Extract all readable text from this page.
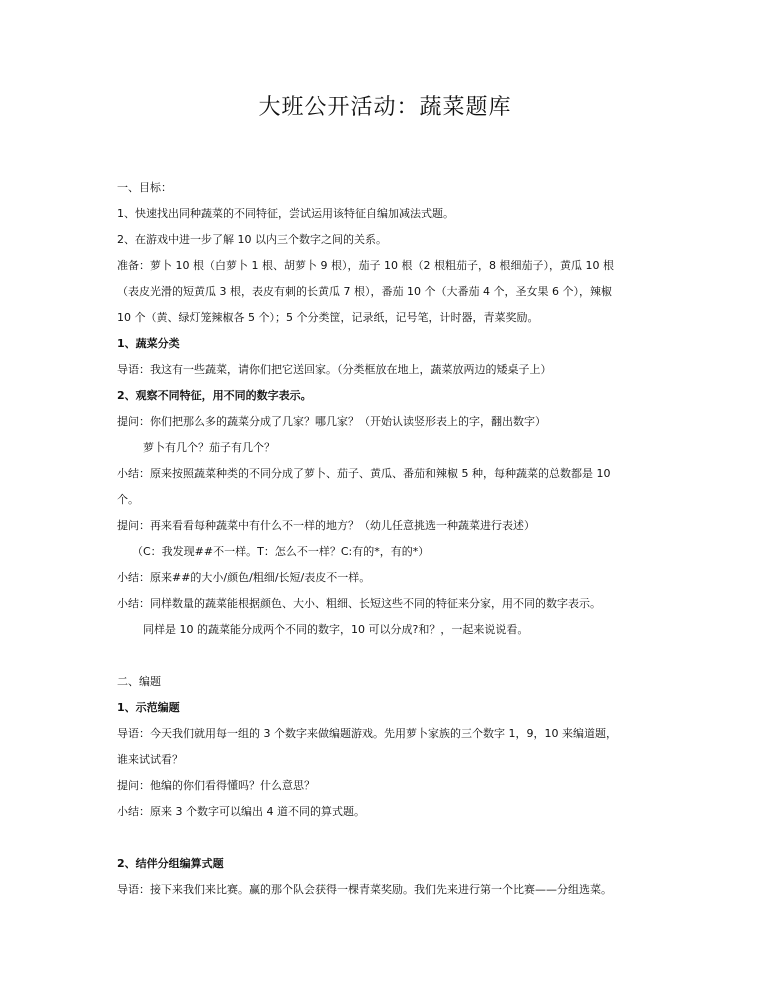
大班公开活动：蔬菜题库
一、目标：
1、快速找出同种蔬菜的不同特征，尝试运用该特征自编加减法式题。
2、在游戏中进一步了解 10 以内三个数字之间的关系。
准备：萝卜 10 根（白萝卜 1 根、胡萝卜 9 根），茄子 10 根（2 根粗茄子，8 根细茄子），黄瓜 10 根
（表皮光滑的短黄瓜 3 根，表皮有刺的长黄瓜 7 根），番茄 10 个（大番茄 4 个，圣女果 6 个），辣椒
10 个（黄、绿灯笼辣椒各 5 个）；5 个分类筐，记录纸，记号笔，计时器，青菜奖励。
1、蔬菜分类
导语：我这有一些蔬菜，请你们把它送回家。（分类框放在地上，蔬菜放两边的矮桌子上）
2、观察不同特征，用不同的数字表示。
提问：你们把那么多的蔬菜分成了几家？哪几家？（开始认读竖形表上的字，翻出数字）
萝卜有几个？茄子有几个？
小结：原来按照蔬菜种类的不同分成了萝卜、茄子、黄瓜、番茄和辣椒 5 种，每种蔬菜的总数都是 10
个。
提问：再来看看每种蔬菜中有什么不一样的地方？（幼儿任意挑选一种蔬菜进行表述）
（C：我发现##不一样。T：怎么不一样？C:有的*，有的*）
小结：原来##的大小/颜色/粗细/长短/表皮不一样。
小结：同样数量的蔬菜能根据颜色、大小、粗细、长短这些不同的特征来分家，用不同的数字表示。
同样是 10 的蔬菜能分成两个不同的数字，10 可以分成?和？，一起来说说看。
二、编题
1、示范编题
导语：今天我们就用每一组的 3 个数字来做编题游戏。先用萝卜家族的三个数字 1，9，10 来编道题，
谁来试试看？
提问：他编的你们看得懂吗？什么意思？
小结：原来 3 个数字可以编出 4 道不同的算式题。
2、结伴分组编算式题
导语：接下来我们来比赛。赢的那个队会获得一棵青菜奖励。我们先来进行第一个比赛——分组选菜。
